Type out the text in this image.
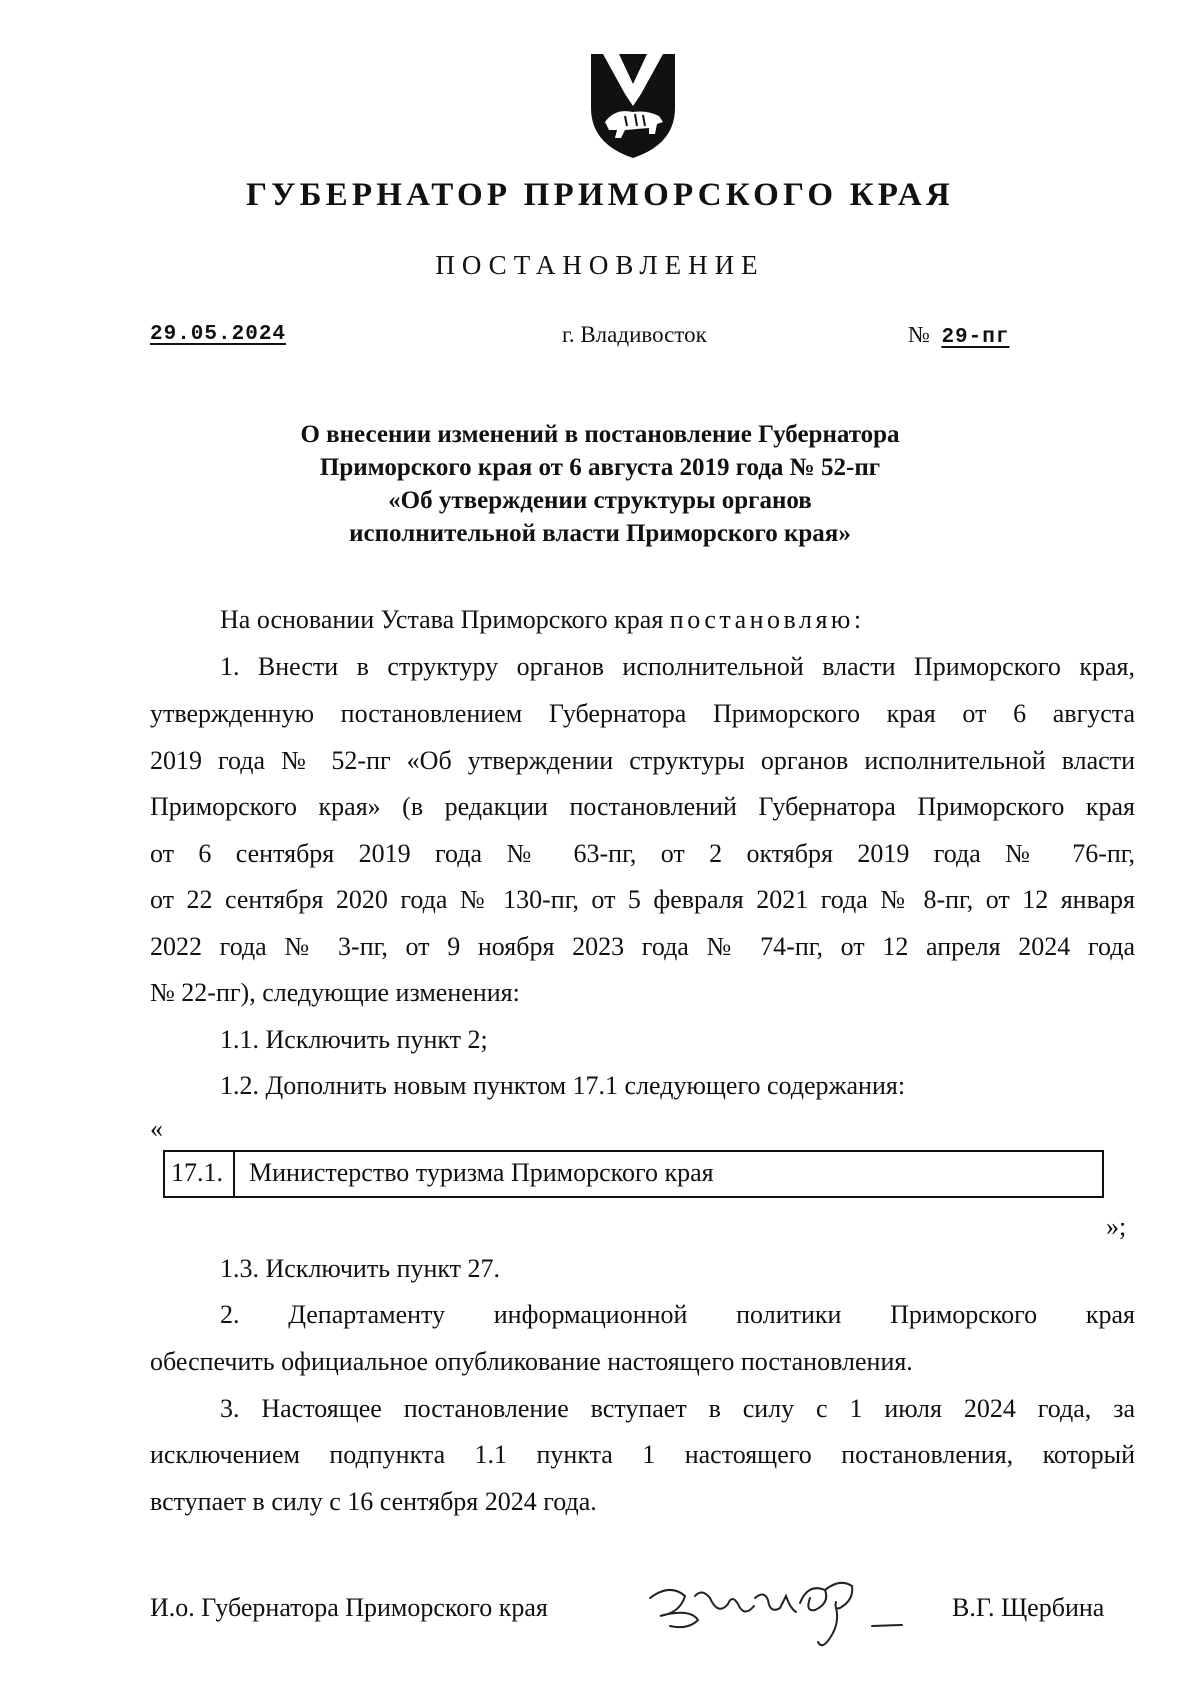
ГУБЕРНАТОР ПРИМОРСКОГО КРАЯ
ПОСТАНОВЛЕНИЕ
29.05.2024	г. Владивосток	№ 29-пг
О внесении изменений в постановление Губернатора
Приморского края от 6 августа 2019 года № 52-пг
«Об утверждении структуры органов
исполнительной власти Приморского края»
На основании Устава Приморского края постановляю:
1. Внести в структуру органов исполнительной власти Приморского края,
утвержденную постановлением Губернатора Приморского края от 6 августа
2019 года № 52-пг «Об утверждении структуры органов исполнительной власти
Приморского края» (в редакции постановлений Губернатора Приморского края
от 6 сентября 2019 года № 63-пг, от 2 октября 2019 года № 76-пг,
от 22 сентября 2020 года № 130-пг, от 5 февраля 2021 года № 8-пг, от 12 января
2022 года № 3-пг, от 9 ноября 2023 года № 74-пг, от 12 апреля 2024 года
№ 22-пг), следующие изменения:
1.1. Исключить пункт 2;
1.2. Дополнить новым пунктом 17.1 следующего содержания:
«
17.1.	Министерство туризма Приморского края
»;
1.3. Исключить пункт 27.
2. Департаменту информационной политики Приморского края
обеспечить официальное опубликование настоящего постановления.
3. Настоящее постановление вступает в силу с 1 июля 2024 года, за
исключением подпункта 1.1 пункта 1 настоящего постановления, который
вступает в силу с 16 сентября 2024 года.
И.о. Губернатора Приморского края	В.Г. Щербина
